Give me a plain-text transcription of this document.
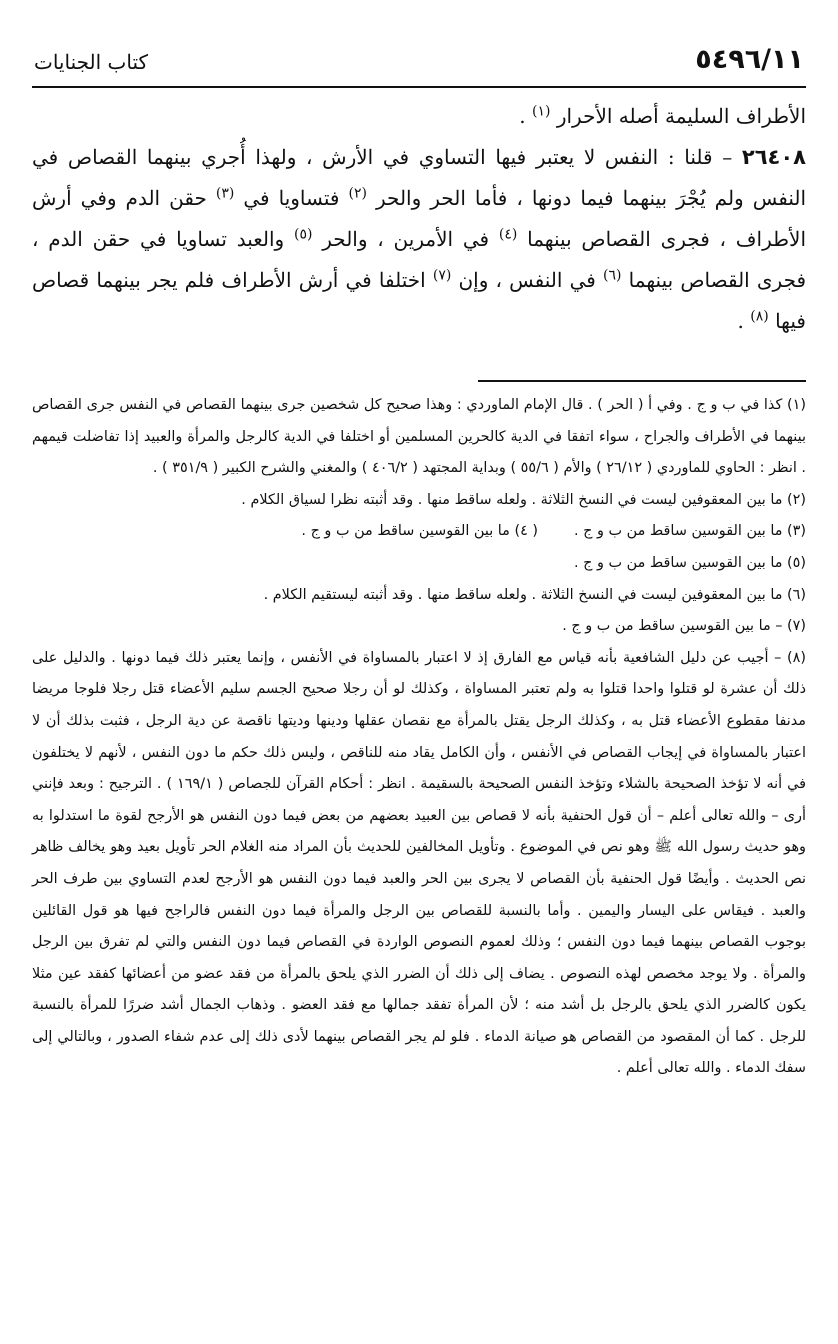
٥٤٩٦/١١
كتاب الجنايات

الأطراف السليمة أصله الأحرار $^{(١)}$ .

٢٦٤٠٨ – قلنا : النفس لا يعتبر فيها التساوي في الأرش ، ولهذا أُجري بينهما القصاص في النفس ولم يُجْرَ بينهما فيما دونها ، فأما الحر والحر $^{(٢)}$ فتساويا في $^{(٣)}$ حقن الدم وفي أرش الأطراف ، فجرى القصاص بينهما $^{(٤)}$ في الأمرين ، والحر $^{(٥)}$ والعبد تساويا في حقن الدم ، فجرى القصاص بينهما $^{(٦)}$ في النفس ، وإن $^{(٧)}$ اختلفا في أرش الأطراف فلم يجر بينهما قصاص فيها $^{(٨)}$ .

(١) كذا في ب و ج . وفي أ ( الحر ) . قال الإمام الماوردي : وهذا صحيح كل شخصين جرى بينهما القصاص في النفس جرى القصاص بينهما في الأطراف والجراح ، سواء اتفقا في الدية كالحرين المسلمين أو اختلفا في الدية كالرجل والمرأة والعبيد إذا تفاضلت قيمهم . انظر : الحاوي للماوردي ( ٢٦/١٢ ) والأم ( ٥٥/٦ ) وبداية المجتهد ( ٤٠٦/٢ ) والمغني والشرح الكبير ( ٣٥١/٩ ) .

(٢) ما بين المعقوفين ليست في النسخ الثلاثة . ولعله ساقط منها . وقد أثبته نظرا لسياق الكلام .

(٣) ما بين القوسين ساقط من ب و ج .
( ٤) ما بين القوسين ساقط من ب و ج .

(٥) ما بين القوسين ساقط من ب و ج .

(٦) ما بين المعقوفين ليست في النسخ الثلاثة . ولعله ساقط منها . وقد أثبته ليستقيم الكلام .

(٧) – ما بين القوسين ساقط من ب و ج .

(٨) – أجيب عن دليل الشافعية بأنه قياس مع الفارق إذ لا اعتبار بالمساواة في الأنفس ، وإنما يعتبر ذلك فيما دونها . والدليل على ذلك أن عشرة لو قتلوا واحدا قتلوا به ولم تعتبر المساواة ، وكذلك لو أن رجلا صحيح الجسم سليم الأعضاء قتل رجلا فلوجا مريضا مدنفا مقطوع الأعضاء قتل به ، وكذلك الرجل يقتل بالمرأة مع نقصان عقلها ودينها وديتها ناقصة عن دية الرجل ، فثبت بذلك أن لا اعتبار بالمساواة في إيجاب القصاص في الأنفس ، وأن الكامل يقاد منه للناقص ، وليس ذلك حكم ما دون النفس ، لأنهم لا يختلفون في أنه لا تؤخذ الصحيحة بالشلاء وتؤخذ النفس الصحيحة بالسقيمة . انظر : أحكام القرآن للجصاص ( ١٦٩/١ ) . الترجيح : وبعد فإنني أرى – والله تعالى أعلم – أن قول الحنفية بأنه لا قصاص بين العبيد بعضهم من بعض فيما دون النفس هو الأرجح لقوة ما استدلوا به وهو حديث رسول الله ﷺ وهو نص في الموضوع . وتأويل المخالفين للحديث بأن المراد منه الغلام الحر تأويل بعيد وهو يخالف ظاهر نص الحديث . وأيضًا قول الحنفية بأن القصاص لا يجرى بين الحر والعبد فيما دون النفس هو الأرجح لعدم التساوي بين طرف الحر والعبد . فيقاس على اليسار واليمين . وأما بالنسبة للقصاص بين الرجل والمرأة فيما دون النفس فالراجح فيها هو قول القائلين بوجوب القصاص بينهما فيما دون النفس ؛ وذلك لعموم النصوص الواردة في القصاص فيما دون النفس والتي لم تفرق بين الرجل والمرأة . ولا يوجد مخصص لهذه النصوص . يضاف إلى ذلك أن الضرر الذي يلحق بالمرأة من فقد عضو من أعضائها كفقد عين مثلا يكون كالضرر الذي يلحق بالرجل بل أشد منه ؛ لأن المرأة تفقد جمالها مع فقد العضو . وذهاب الجمال أشد ضررًا للمرأة بالنسبة للرجل . كما أن المقصود من القصاص هو صيانة الدماء . فلو لم يجر القصاص بينهما لأدى ذلك إلى عدم شفاء الصدور ، وبالتالي إلى سفك الدماء . والله تعالى أعلم .
